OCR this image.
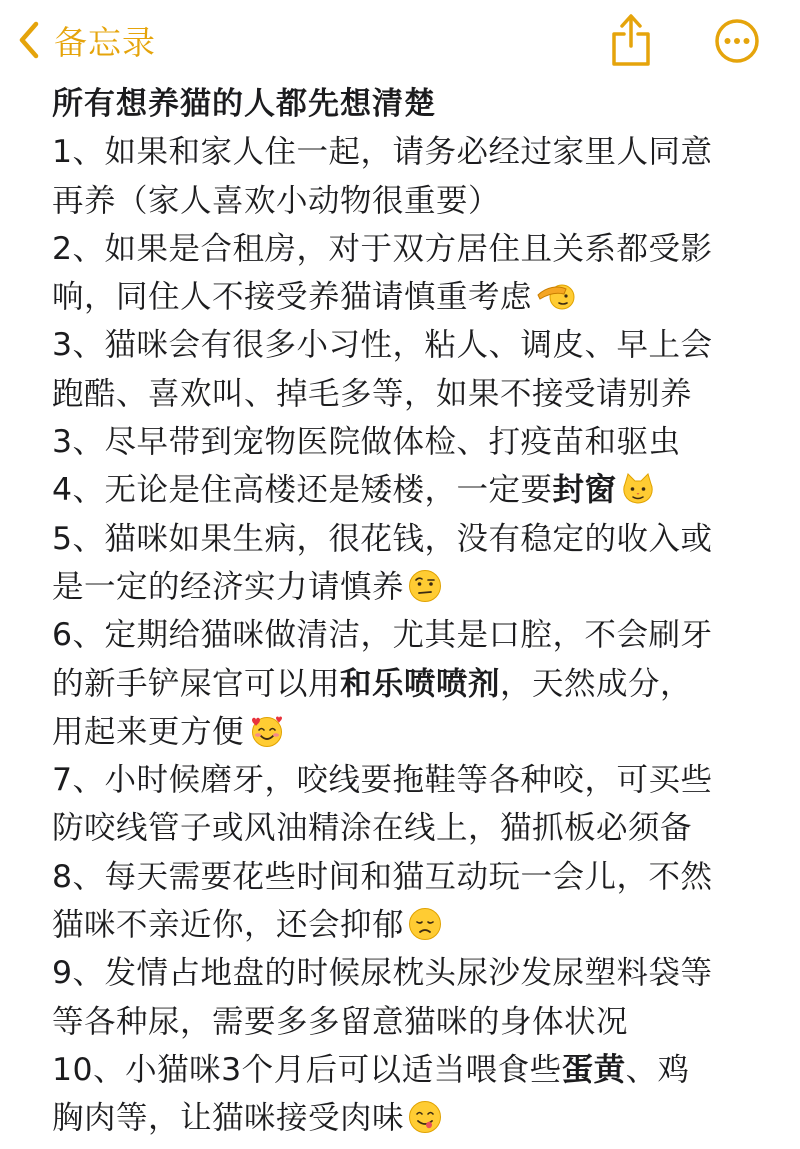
备忘录
所有想养猫的人都先想清楚
1、如果和家人住一起，请务必经过家里人同意
再养（家人喜欢小动物很重要）
2、如果是合租房，对于双方居住且关系都受影
响，同住人不接受养猫请慎重考虑
3、猫咪会有很多小习性，粘人、调皮、早上会
跑酷、喜欢叫、掉毛多等，如果不接受请别养
3、尽早带到宠物医院做体检、打疫苗和驱虫
4、无论是住高楼还是矮楼，一定要封窗
5、猫咪如果生病，很花钱，没有稳定的收入或
是一定的经济实力请慎养
6、定期给猫咪做清洁，尤其是口腔，不会刷牙
的新手铲屎官可以用和乐喷喷剂，天然成分，
用起来更方便
7、小时候磨牙，咬线要拖鞋等各种咬，可买些
防咬线管子或风油精涂在线上，猫抓板必须备
8、每天需要花些时间和猫互动玩一会儿，不然
猫咪不亲近你，还会抑郁
9、发情占地盘的时候尿枕头尿沙发尿塑料袋等
等各种尿，需要多多留意猫咪的身体状况
10、小猫咪3个月后可以适当喂食些蛋黄、鸡
胸肉等，让猫咪接受肉味
